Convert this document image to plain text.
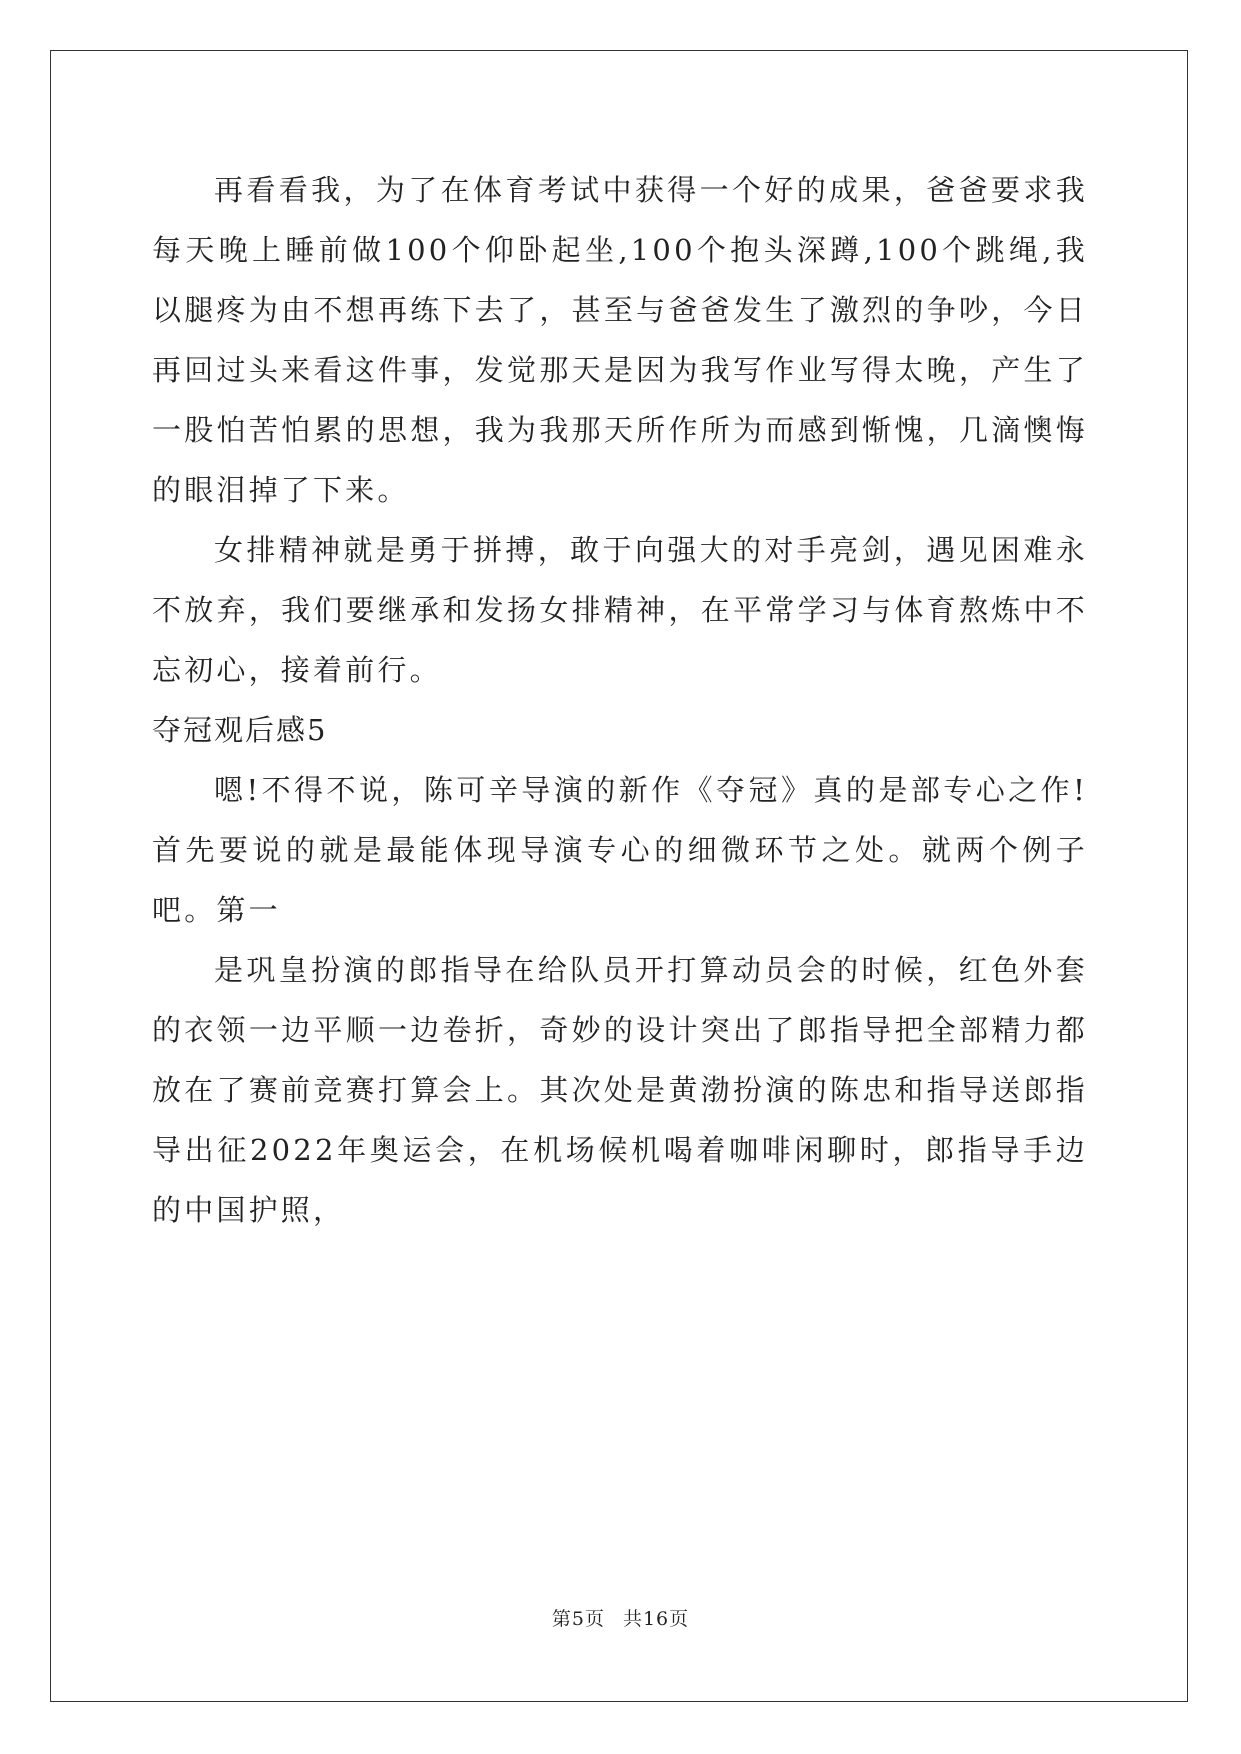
再看看我，为了在体育考试中获得一个好的成果，爸爸要求我每天晚上睡前做100个仰卧起坐,100个抱头深蹲,100个跳绳,我以腿疼为由不想再练下去了，甚至与爸爸发生了激烈的争吵，今日再回过头来看这件事，发觉那天是因为我写作业写得太晚，产生了一股怕苦怕累的思想，我为我那天所作所为而感到惭愧，几滴懊悔的眼泪掉了下来。

女排精神就是勇于拼搏，敢于向强大的对手亮剑，遇见困难永不放弃，我们要继承和发扬女排精神，在平常学习与体育熬炼中不忘初心，接着前行。

夺冠观后感5

嗯!不得不说，陈可辛导演的新作《夺冠》真的是部专心之作!首先要说的就是最能体现导演专心的细微环节之处。就两个例子吧。第一

是巩皇扮演的郎指导在给队员开打算动员会的时候，红色外套的衣领一边平顺一边卷折，奇妙的设计突出了郎指导把全部精力都放在了赛前竞赛打算会上。其次处是黄渤扮演的陈忠和指导送郎指导出征2022年奥运会，在机场候机喝着咖啡闲聊时，郎指导手边的中国护照，

第5页 共16页
